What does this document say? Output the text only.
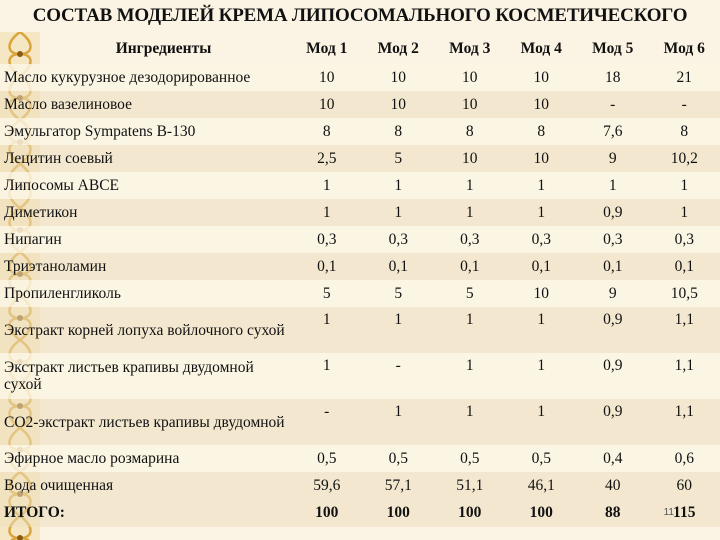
СОСТАВ МОДЕЛЕЙ КРЕМА ЛИПОСОМАЛЬНОГО КОСМЕТИЧЕСКОГО
Ингредиенты	Мод 1	Мод 2	Мод 3	Мод 4	Мод 5	Мод 6
Масло кукурузное дезодорированное	10	10	10	10	18	21
Масло вазелиновое	10	10	10	10	-	-
Эмульгатор Sympatens B-130	8	8	8	8	7,6	8
Лецитин соевый	2,5	5	10	10	9	10,2
Липосомы АВСЕ	1	1	1	1	1	1
Диметикон	1	1	1	1	0,9	1
Нипагин	0,3	0,3	0,3	0,3	0,3	0,3
Триэтаноламин	0,1	0,1	0,1	0,1	0,1	0,1
Пропиленгликоль	5	5	5	10	9	10,5
Экстракт корней лопуха войлочного сухой	1	1	1	1	0,9	1,1
Экстракт листьев крапивы двудомной сухой	1	-	1	1	0,9	1,1
СО2-экстракт листьев крапивы двудомной	-	1	1	1	0,9	1,1
Эфирное масло розмарина	0,5	0,5	0,5	0,5	0,4	0,6
Вода очищенная	59,6	57,1	51,1	46,1	40	60
ИТОГО:	100	100	100	100	88	115
11
